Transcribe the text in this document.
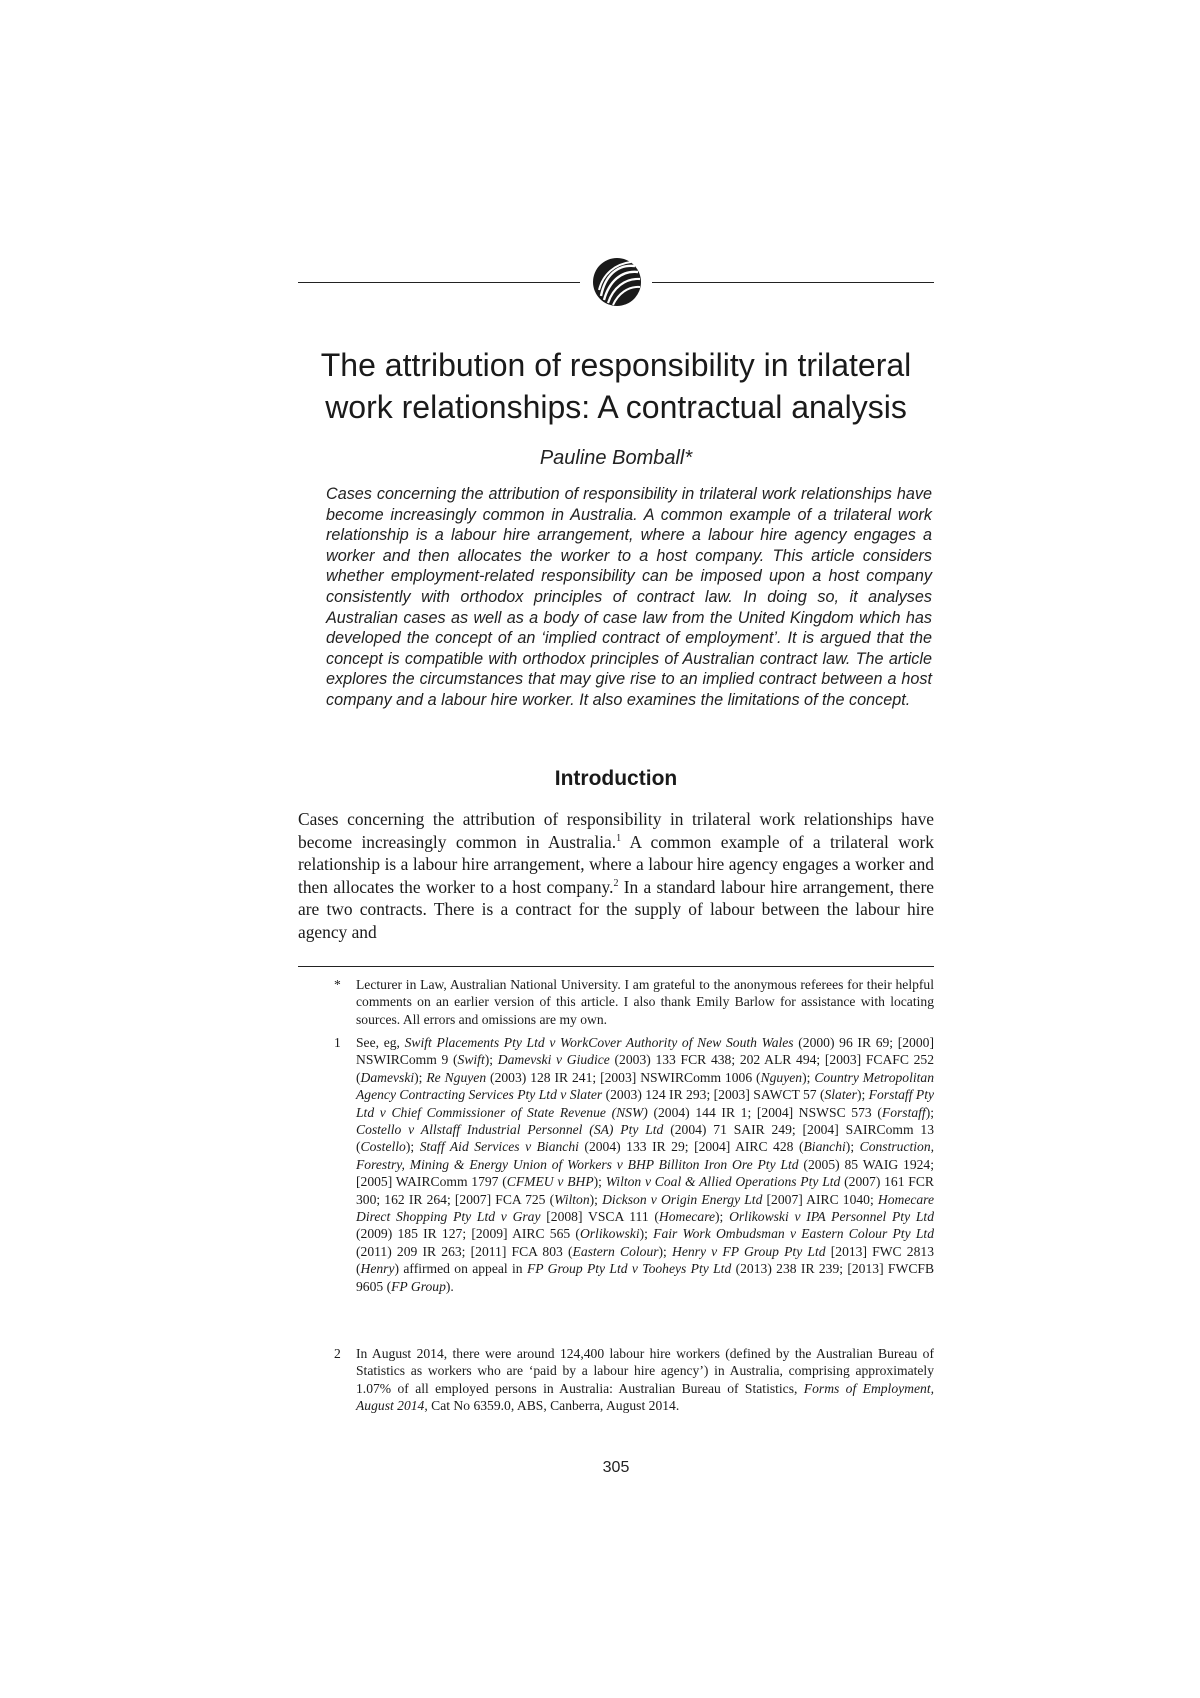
The attribution of responsibility in trilateral
work relationships: A contractual analysis
Pauline Bomball*

Cases concerning the attribution of responsibility in trilateral work relationships have become increasingly common in Australia. A common example of a trilateral work relationship is a labour hire arrangement, where a labour hire agency engages a worker and then allocates the worker to a host company. This article considers whether employment-related responsibility can be imposed upon a host company consistently with orthodox principles of contract law. In doing so, it analyses Australian cases as well as a body of case law from the United Kingdom which has developed the concept of an ‘implied contract of employment’. It is argued that the concept is compatible with orthodox principles of Australian contract law. The article explores the circumstances that may give rise to an implied contract between a host company and a labour hire worker. It also examines the limitations of the concept.

Introduction

Cases concerning the attribution of responsibility in trilateral work relationships have become increasingly common in Australia.$^1$ A common example of a trilateral work relationship is a labour hire arrangement, where a labour hire agency engages a worker and then allocates the worker to a host company.$^2$ In a standard labour hire arrangement, there are two contracts. There is a contract for the supply of labour between the labour hire agency and

*	Lecturer in Law, Australian National University. I am grateful to the anonymous referees for their helpful comments on an earlier version of this article. I also thank Emily Barlow for assistance with locating sources. All errors and omissions are my own.

1	See, eg, Swift Placements Pty Ltd v WorkCover Authority of New South Wales (2000) 96 IR 69; [2000] NSWIRComm 9 (Swift); Damevski v Giudice (2003) 133 FCR 438; 202 ALR 494; [2003] FCAFC 252 (Damevski); Re Nguyen (2003) 128 IR 241; [2003] NSWIRComm 1006 (Nguyen); Country Metropolitan Agency Contracting Services Pty Ltd v Slater (2003) 124 IR 293; [2003] SAWCT 57 (Slater); Forstaff Pty Ltd v Chief Commissioner of State Revenue (NSW) (2004) 144 IR 1; [2004] NSWSC 573 (Forstaff); Costello v Allstaff Industrial Personnel (SA) Pty Ltd (2004) 71 SAIR 249; [2004] SAIRComm 13 (Costello); Staff Aid Services v Bianchi (2004) 133 IR 29; [2004] AIRC 428 (Bianchi); Construction, Forestry, Mining & Energy Union of Workers v BHP Billiton Iron Ore Pty Ltd (2005) 85 WAIG 1924; [2005] WAIRComm 1797 (CFMEU v BHP); Wilton v Coal & Allied Operations Pty Ltd (2007) 161 FCR 300; 162 IR 264; [2007] FCA 725 (Wilton); Dickson v Origin Energy Ltd [2007] AIRC 1040; Homecare Direct Shopping Pty Ltd v Gray [2008] VSCA 111 (Homecare); Orlikowski v IPA Personnel Pty Ltd (2009) 185 IR 127; [2009] AIRC 565 (Orlikowski); Fair Work Ombudsman v Eastern Colour Pty Ltd (2011) 209 IR 263; [2011] FCA 803 (Eastern Colour); Henry v FP Group Pty Ltd [2013] FWC 2813 (Henry) affirmed on appeal in FP Group Pty Ltd v Tooheys Pty Ltd (2013) 238 IR 239; [2013] FWCFB 9605 (FP Group).

2	In August 2014, there were around 124,400 labour hire workers (defined by the Australian Bureau of Statistics as workers who are ‘paid by a labour hire agency’) in Australia, comprising approximately 1.07% of all employed persons in Australia: Australian Bureau of Statistics, Forms of Employment, August 2014, Cat No 6359.0, ABS, Canberra, August 2014.

305
